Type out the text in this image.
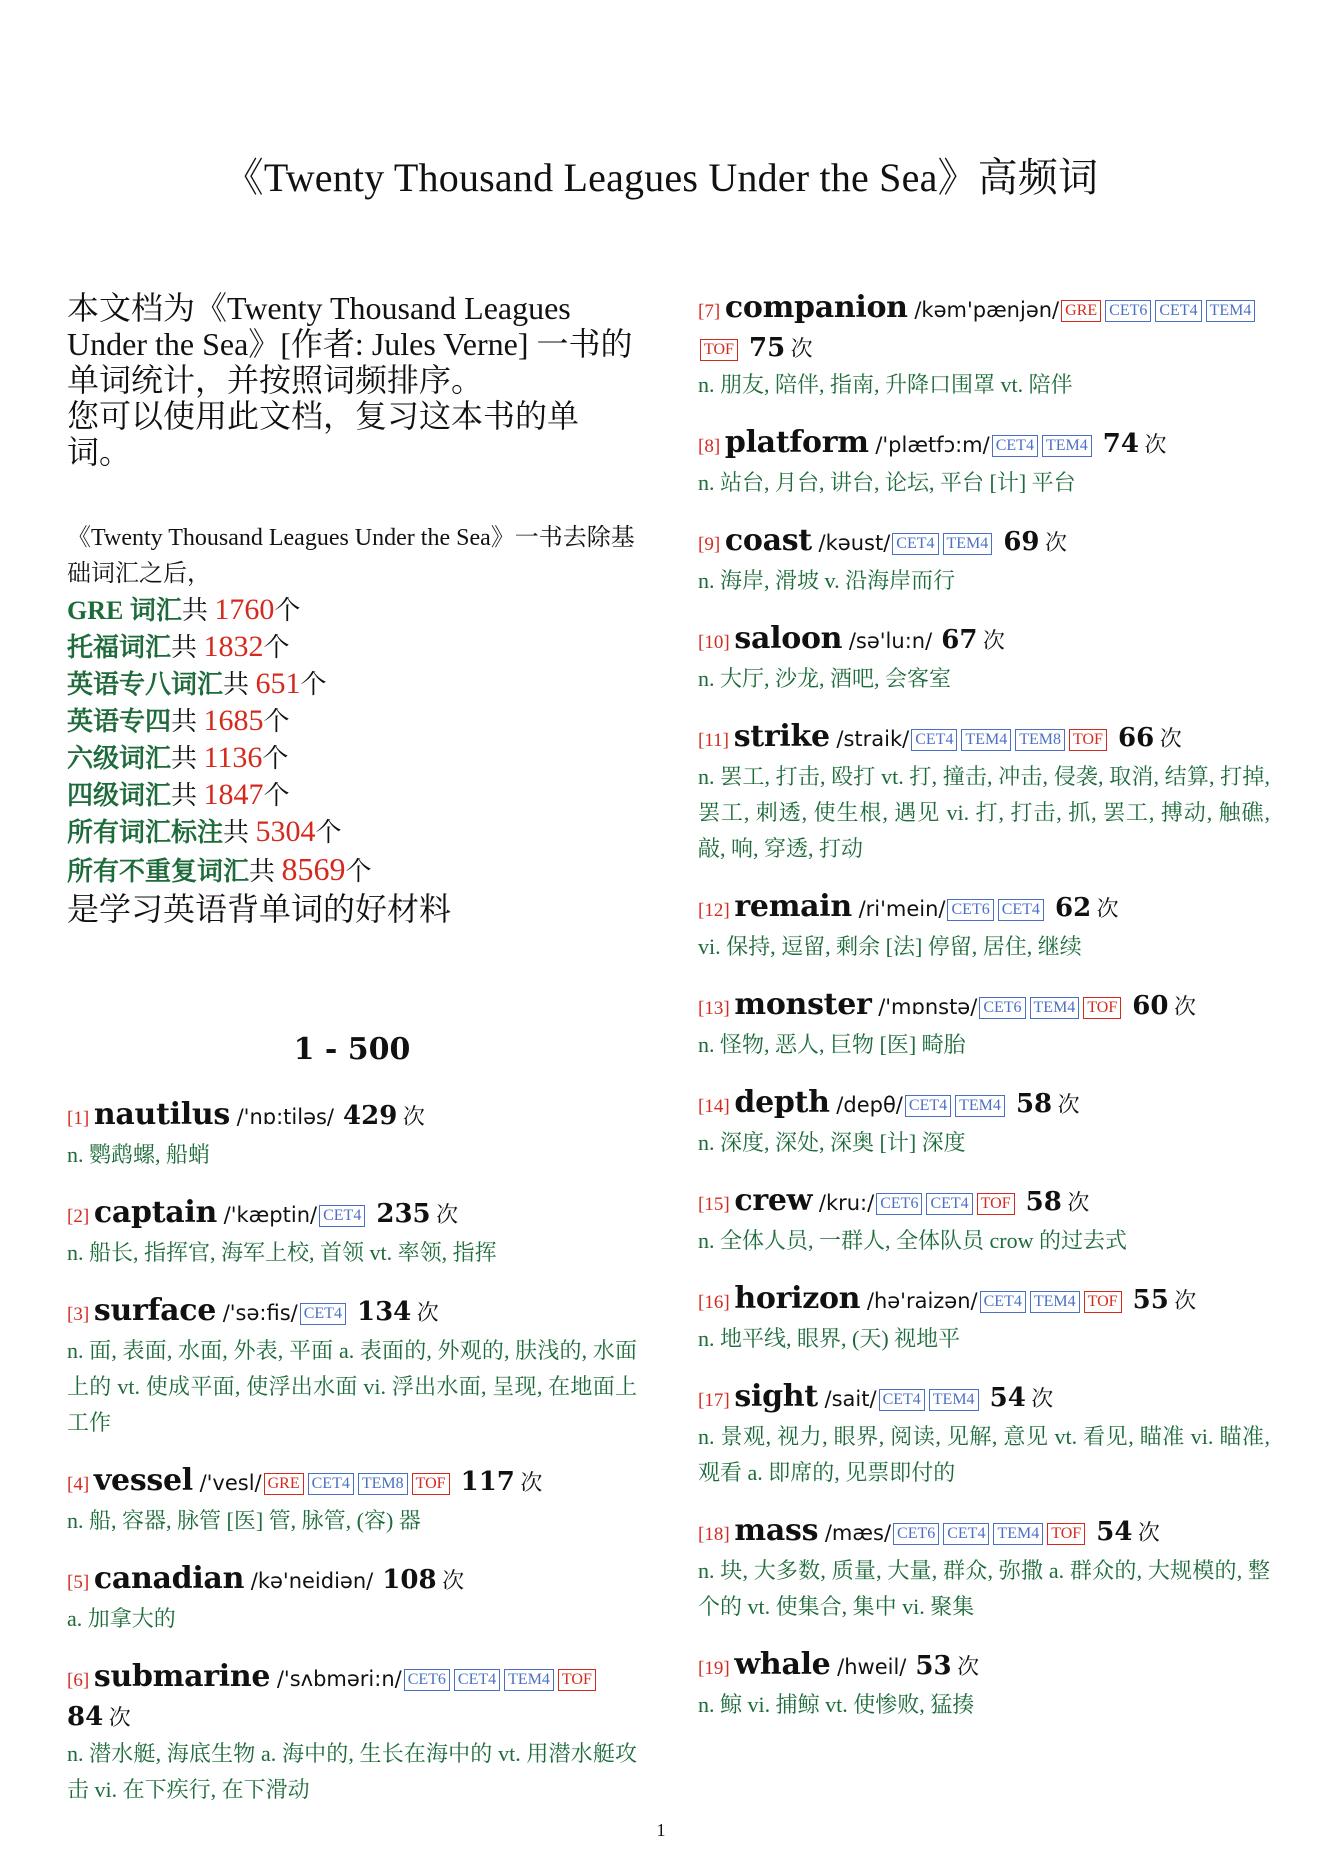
《Twenty Thousand Leagues Under the Sea》高频词
本文档为《Twenty Thousand Leagues Under the Sea》[作者: Jules Verne] 一书的单词统计，并按照词频排序。
您可以使用此文档，复习这本书的单词。
《Twenty Thousand Leagues Under the Sea》一书去除基础词汇之后，
GRE 词汇共 1760个
托福词汇共 1832个
英语专八词汇共 651个
英语专四共 1685个
六级词汇共 1136个
四级词汇共 1847个
所有词汇标注共 5304个
所有不重复词汇共 8569个
是学习英语背单词的好材料
1 - 500
[1] nautilus /'nɒ:tiləs/ 429 次
n. 鹦鹉螺, 船蛸
[2] captain /'kæptin/ CET4 235 次
n. 船长, 指挥官, 海军上校, 首领 vt. 率领, 指挥
[3] surface /'sə:fis/ CET4 134 次
n. 面, 表面, 水面, 外表, 平面 a. 表面的, 外观的, 肤浅的, 水面上的 vt. 使成平面, 使浮出水面 vi. 浮出水面, 呈现, 在地面上工作
[4] vessel /'vesl/ GRE CET4 TEM8 TOF 117 次
n. 船, 容器, 脉管 [医] 管, 脉管, (容) 器
[5] canadian /kə'neidiən/ 108 次
a. 加拿大的
[6] submarine /'sʌbməri:n/ CET6 CET4 TEM4 TOF 84 次
n. 潜水艇, 海底生物 a. 海中的, 生长在海中的 vt. 用潜水艇攻击 vi. 在下疾行, 在下滑动
[7] companion /kəm'pænjən/ GRE CET6 CET4 TEM4TOF 75 次
n. 朋友, 陪伴, 指南, 升降口围罩 vt. 陪伴
[8] platform /'plætfɔ:m/ CET4 TEM4 74 次
n. 站台, 月台, 讲台, 论坛, 平台 [计] 平台
[9] coast /kəust/ CET4 TEM4 69 次
n. 海岸, 滑坡 v. 沿海岸而行
[10] saloon /sə'lu:n/ 67 次
n. 大厅, 沙龙, 酒吧, 会客室
[11] strike /straik/ CET4 TEM4 TEM8 TOF 66 次
n. 罢工, 打击, 殴打 vt. 打, 撞击, 冲击, 侵袭, 取消, 结算, 打掉, 罢工, 刺透, 使生根, 遇见 vi. 打, 打击, 抓, 罢工, 搏动, 触礁, 敲, 响, 穿透, 打动
[12] remain /ri'mein/ CET6 CET4 62 次
vi. 保持, 逗留, 剩余 [法] 停留, 居住, 继续
[13] monster /'mɒnstə/ CET6 TEM4 TOF 60 次
n. 怪物, 恶人, 巨物 [医] 畸胎
[14] depth /depθ/ CET4 TEM4 58 次
n. 深度, 深处, 深奥 [计] 深度
[15] crew /kru:/ CET6 CET4 TOF 58 次
n. 全体人员, 一群人, 全体队员 crow 的过去式
[16] horizon /hə'raizən/ CET4 TEM4 TOF 55 次
n. 地平线, 眼界, (天) 视地平
[17] sight /sait/ CET4 TEM4 54 次
n. 景观, 视力, 眼界, 阅读, 见解, 意见 vt. 看见, 瞄准 vi. 瞄准, 观看 a. 即席的, 见票即付的
[18] mass /mæs/ CET6 CET4 TEM4 TOF 54 次
n. 块, 大多数, 质量, 大量, 群众, 弥撒 a. 群众的, 大规模的, 整个的 vt. 使集合, 集中 vi. 聚集
[19] whale /hweil/ 53 次
n. 鲸 vi. 捕鲸 vt. 使惨败, 猛揍
1
